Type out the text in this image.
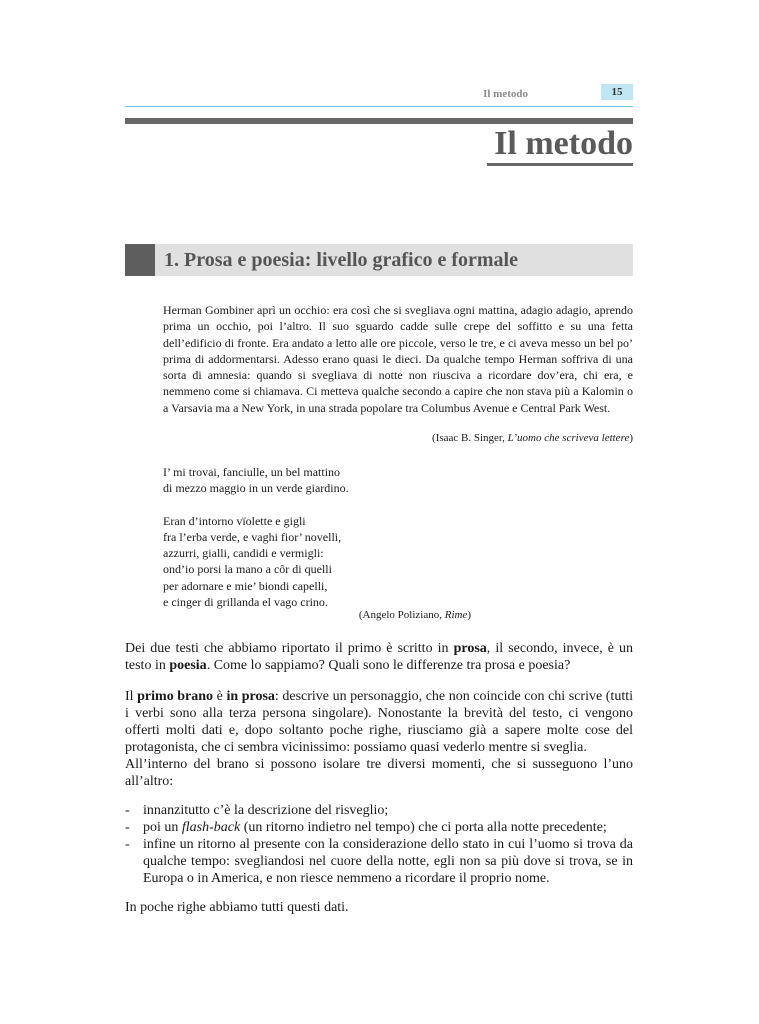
Il metodo	15
Il metodo
1. Prosa e poesia: livello grafico e formale

Herman Gombiner aprì un occhio: era così che si svegliava ogni mattina, adagio adagio, aprendo prima un occhio, poi l’altro. Il suo sguardo cadde sulle crepe del soffitto e su una fetta dell’edificio di fronte. Era andato a letto alle ore piccole, verso le tre, e ci aveva messo un bel po’ prima di addormentarsi. Adesso erano quasi le dieci. Da qualche tempo Herman soffriva di una sorta di amnesia: quando si svegliava di notte non riusciva a ricordare dov’era, chi era, e nemmeno come si chiamava. Ci metteva qualche secondo a capire che non stava più a Kalomin o a Varsavia ma a New York, in una strada popolare tra Columbus Avenue e Central Park West.

(Isaac B. Singer, L’uomo che scriveva lettere)

I’ mi trovai, fanciulle, un bel mattino
di mezzo maggio in un verde giardino.
Eran d’intorno vïolette e gigli
fra l’erba verde, e vaghi fior’ novelli,
azzurri, gialli, candidi e vermigli:
ond’io porsi la mano a côr di quelli
per adornare e mie’ biondi capelli,
e cinger di grillanda el vago crino.

(Angelo Poliziano, Rime)

Dei due testi che abbiamo riportato il primo è scritto in prosa, il secondo, invece, è un testo in poesia. Come lo sappiamo? Quali sono le differenze tra prosa e poesia?

Il primo brano è in prosa: descrive un personaggio, che non coincide con chi scrive (tutti i verbi sono alla terza persona singolare). Nonostante la brevità del testo, ci vengono offerti molti dati e, dopo soltanto poche righe, riusciamo già a sapere molte cose del protagonista, che ci sembra vicinissimo: possiamo quasi vederlo mentre si sveglia.

All’interno del brano si possono isolare tre diversi momenti, che si susseguono l’uno all’altro:

- innanzitutto c’è la descrizione del risveglio;
- poi un flash-back (un ritorno indietro nel tempo) che ci porta alla notte precedente;
- infine un ritorno al presente con la considerazione dello stato in cui l’uomo si trova da qualche tempo: svegliandosi nel cuore della notte, egli non sa più dove si trova, se in Europa o in America, e non riesce nemmeno a ricordare il proprio nome.

In poche righe abbiamo tutti questi dati.
